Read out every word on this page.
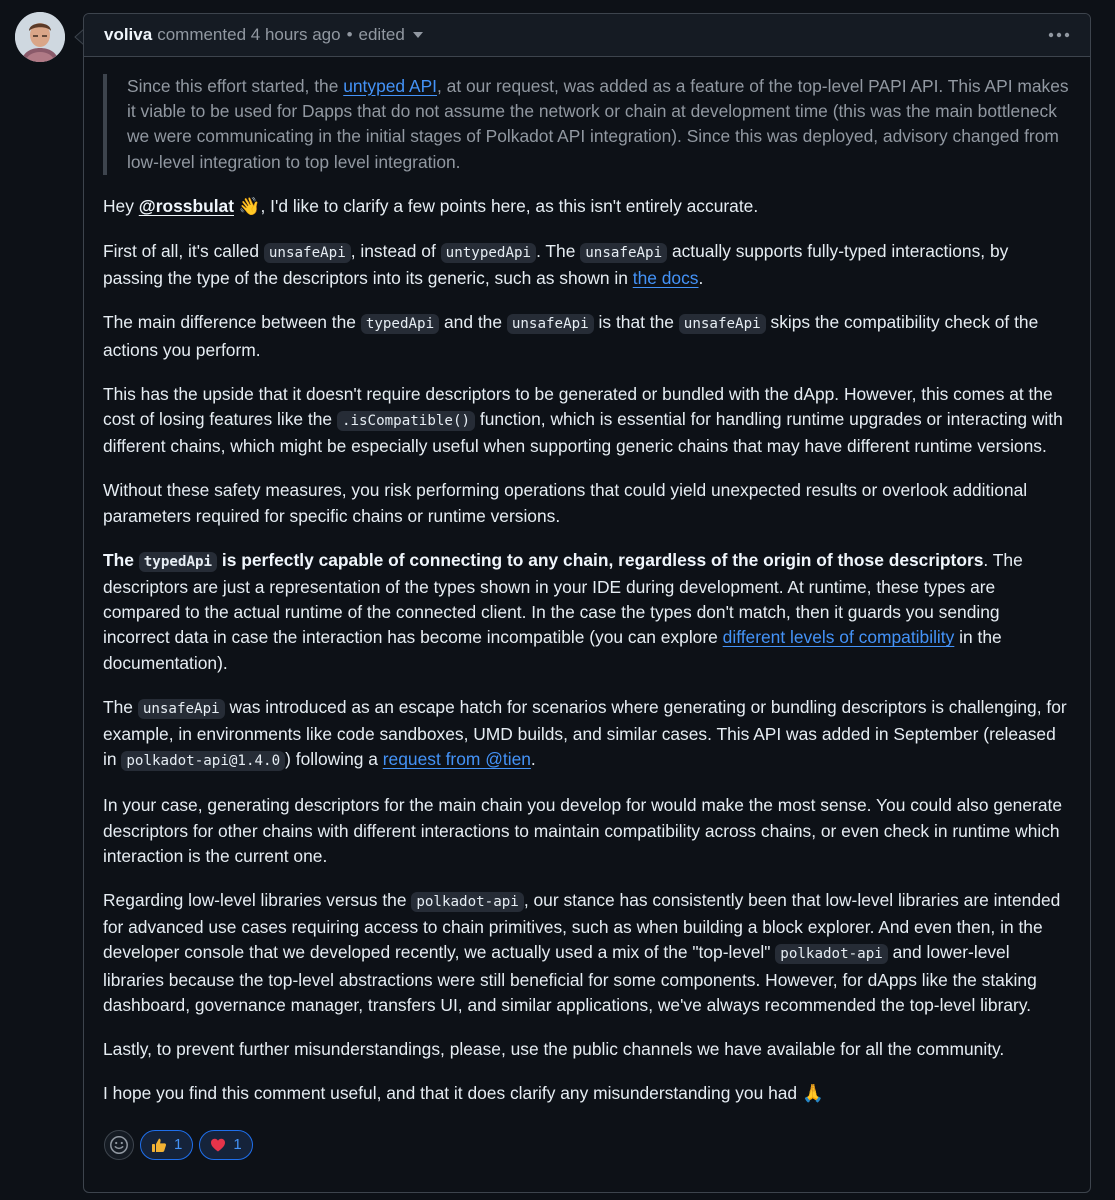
voliva commented
4 hours ago • edited
Since this effort started, the untyped API, at our request, was added as a feature of the top-level PAPI API. This API makes it viable to be used for Dapps that do not assume the network or chain at development time (this was the main bottleneck we were communicating in the initial stages of Polkadot API integration). Since this was deployed, advisory changed from low-level integration to top level integration.

Hey @rossbulat 👋, I'd like to clarify a few points here, as this isn't entirely accurate.

First of all, it's called unsafeApi , instead of untypedApi . The unsafeApi actually supports fully-typed interactions, by passing the type of the descriptors into its generic, such as shown in the docs.

The main difference between the typedApi and the unsafeApi is that the unsafeApi skips the compatibility check of the actions you perform.

This has the upside that it doesn't require descriptors to be generated or bundled with the dApp. However, this comes at the cost of losing features like the .isCompatible() function, which is essential for handling runtime upgrades or interacting with different chains, which might be especially useful when supporting generic chains that may have different runtime versions.

Without these safety measures, you risk performing operations that could yield unexpected results or overlook additional parameters required for specific chains or runtime versions.

The typedApi is perfectly capable of connecting to any chain, regardless of the origin of those descriptors. The descriptors are just a representation of the types shown in your IDE during development. At runtime, these types are compared to the actual runtime of the connected client. In the case the types don't match, then it guards you sending incorrect data in case the interaction has become incompatible (you can explore different levels of compatibility in the documentation).

The unsafeApi was introduced as an escape hatch for scenarios where generating or bundling descriptors is challenging, for example, in environments like code sandboxes, UMD builds, and similar cases. This API was added in September (released in polkadot-api@1.4.0 ) following a request from @tien.

In your case, generating descriptors for the main chain you develop for would make the most sense. You could also generate descriptors for other chains with different interactions to maintain compatibility across chains, or even check in runtime which interaction is the current one.

Regarding low-level libraries versus the polkadot-api , our stance has consistently been that low-level libraries are intended for advanced use cases requiring access to chain primitives, such as when building a block explorer. And even then, in the developer console that we developed recently, we actually used a mix of the "top-level" polkadot-api and lower-level libraries because the top-level abstractions were still beneficial for some components. However, for dApps like the staking dashboard, governance manager, transfers UI, and similar applications, we've always recommended the top-level library.

Lastly, to prevent further misunderstandings, please, use the public channels we have available for all the community.

I hope you find this comment useful, and that it does clarify any misunderstanding you had 🙏

1	1
